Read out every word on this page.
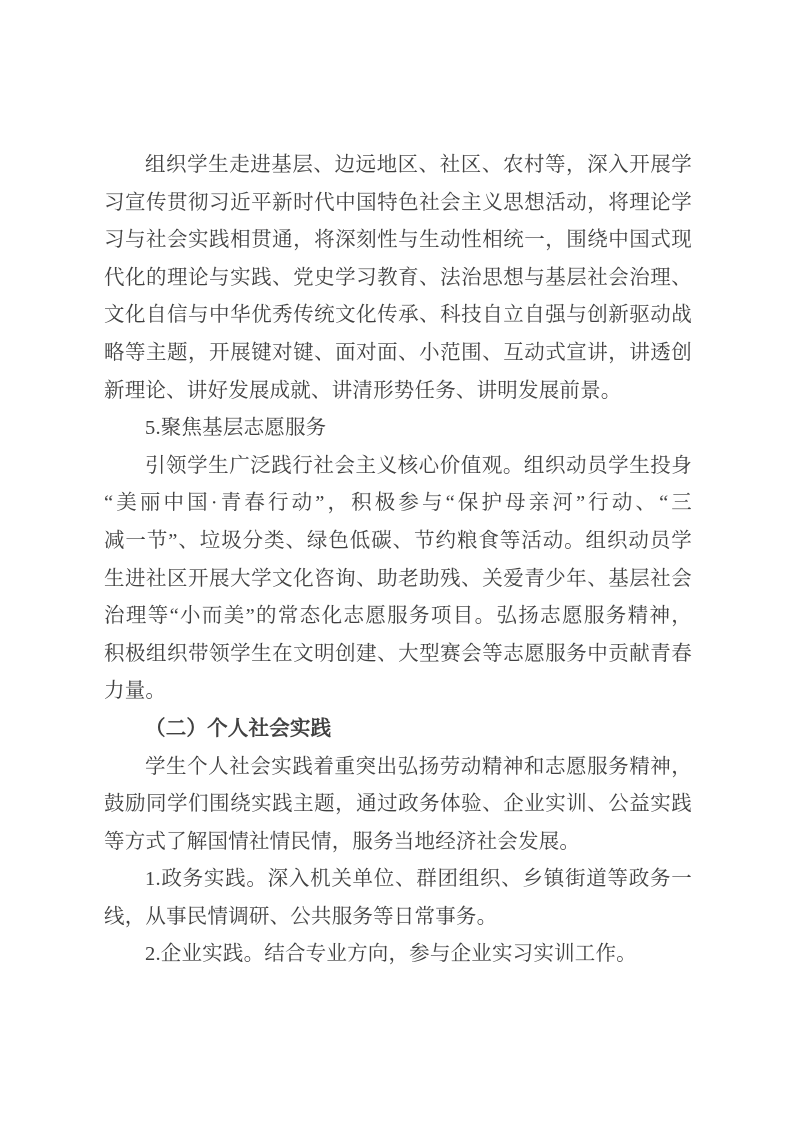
组织学生走进基层、边远地区、社区、农村等，深入开展学
习宣传贯彻习近平新时代中国特色社会主义思想活动，将理论学
习与社会实践相贯通，将深刻性与生动性相统一，围绕中国式现
代化的理论与实践、党史学习教育、法治思想与基层社会治理、
文化自信与中华优秀传统文化传承、科技自立自强与创新驱动战
略等主题，开展键对键、面对面、小范围、互动式宣讲，讲透创
新理论、讲好发展成就、讲清形势任务、讲明发展前景。
5.聚焦基层志愿服务
引领学生广泛践行社会主义核心价值观。组织动员学生投身
“美丽中国·青春行动”，积极参与“保护母亲河”行动、“三
减一节”、垃圾分类、绿色低碳、节约粮食等活动。组织动员学
生进社区开展大学文化咨询、助老助残、关爱青少年、基层社会
治理等“小而美”的常态化志愿服务项目。弘扬志愿服务精神，
积极组织带领学生在文明创建、大型赛会等志愿服务中贡献青春
力量。
（二）个人社会实践
学生个人社会实践着重突出弘扬劳动精神和志愿服务精神，
鼓励同学们围绕实践主题，通过政务体验、企业实训、公益实践
等方式了解国情社情民情，服务当地经济社会发展。
1.政务实践。深入机关单位、群团组织、乡镇街道等政务一
线，从事民情调研、公共服务等日常事务。
2.企业实践。结合专业方向，参与企业实习实训工作。
